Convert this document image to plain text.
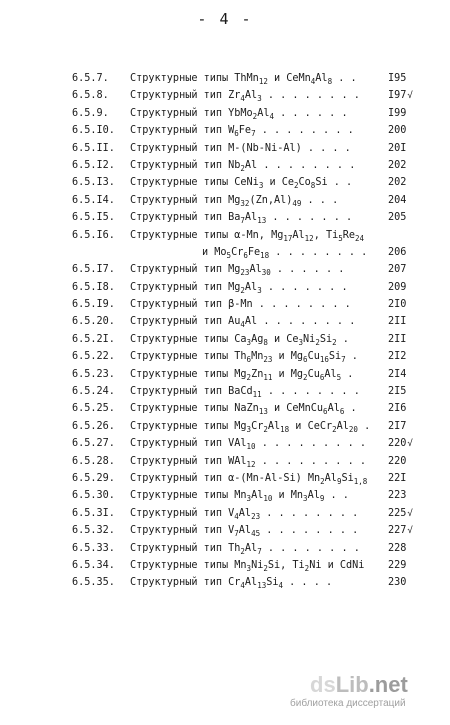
- 4 -
6.5.7. Структурные типы ThMn$_{12}$ и $CeMn_4Al_8$ . .	I95
6.5.8. Структурный тип $Zr_4Al_3$ . . . . . . . .	I97√
6.5.9. Структурный тип $YbMo_2Al_4$ . . . . . .	I99
6.5.I0. Структурный тип $W_6Fe_7$ . . . . . . . .	200
6.5.II. Структурный тип M-(Nb-Ni-Al) . . . .	20I
6.5.I2. Структурный тип $Nb_2Al$ . . . . . . . .	202
6.5.I3. Структурные типы CeNi$_3$ и $Ce_2Co_8Si$ . .	202
6.5.I4. Структурный тип $Mg_{32}(Zn,Al)_{49}$ . . .	204
6.5.I5. Структурный тип $Ba_7Al_{13}$ . . . . . . .	205
6.5.I6. Структурные типы α-Mn, $Mg_{17}Al_{12}$, $Ti_5Re_{24}$
и $Mo_5Cr_6Fe_{18}$ . . . . . . . . 206
6.5.I7. Структурный тип $Mg_{23}Al_{30}$ . . . . . .	207
6.5.I8. Структурный тип $Mg_2Al_3$ . . . . . . .	209
6.5.I9. Структурный тип β-Mn . . . . . . . .	2I0
6.5.20. Структурный тип $Au_4Al$ . . . . . . . .	2II
6.5.2I. Структурные типы $Ca_3Ag_8$ и $Ce_3Ni_2Si_2$ .	2II
6.5.22. Структурные типы $Th_6Mn_{23}$ и $Mg_6Cu_{16}Si_7$ .	2I2
6.5.23. Структурные типы $Mg_2Zn_{11}$ и $Mg_2Cu_6Al_5$ .	2I4
6.5.24. Структурный тип BaCd$_{11}$ . . . . . . . .	2I5
6.5.25. Структурные типы NaZn$_{13}$ и $CeMnCu_6Al_6$ .	2I6
6.5.26. Структурные типы $Mg_3Cr_2Al_{18}$ и $CeCr_2Al_{20}$ . 2I7
6.5.27. Структурный тип VAl$_{10}$ . . . . . . . . . 220√
6.5.28. Структурный тип WAl$_{12}$ . . . . . . . . . 220
6.5.29. Структурный тип α-(Mn-Al-Si) $Mn_2Al_9Si_{1,8}$ 22I
6.5.30. Структурные типы $Mn_3Al_{10}$ и $Mn_3Al_9$ . .	223
6.5.3I. Структурный тип $V_4Al_{23}$ . . . . . . . .	225√
6.5.32. Структурный тип $V_7Al_{45}$ . . . . . . . .	227√
6.5.33. Структурный тип $Th_2Al_7$ . . . . . . . .	228
6.5.34. Структурные типы $Mn_3Ni_2Si$, $Ti_2Ni$ и CdNi 229
6.5.35. Структурный тип $Cr_4Al_{13}Si_4$ . . . .	230
dsLib.net
библиотека диссертаций
